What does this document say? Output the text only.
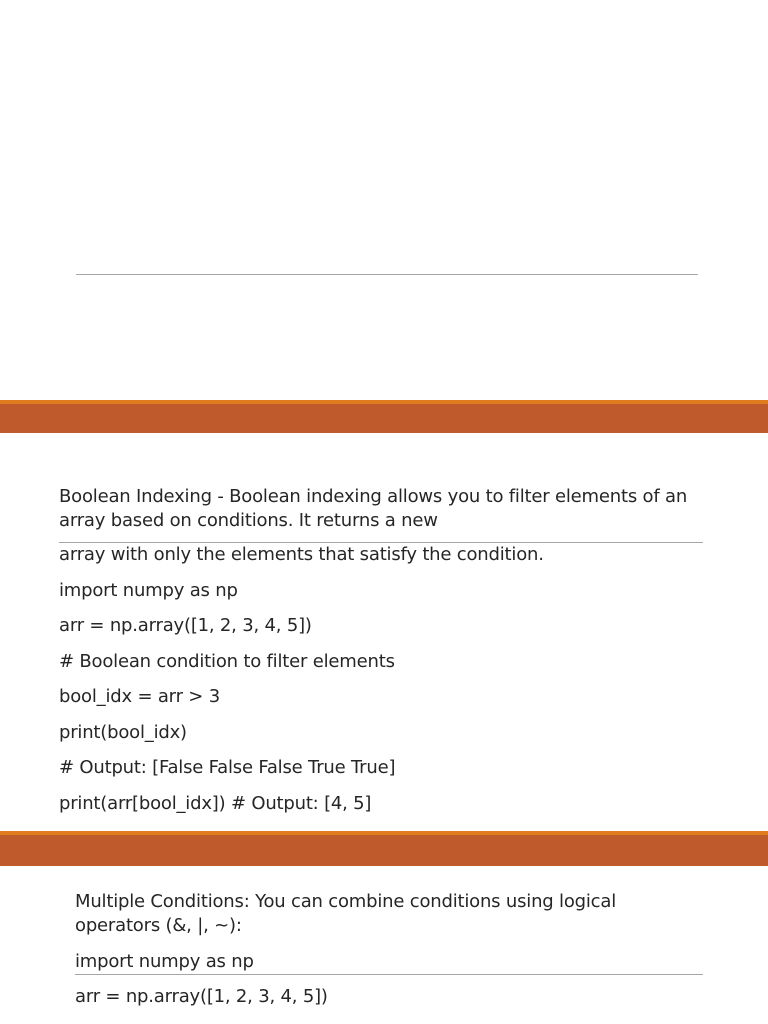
Boolean Indexing - Boolean indexing allows you to filter elements of an
array based on conditions. It returns a new
array with only the elements that satisfy the condition.
import numpy as np
arr = np.array([1, 2, 3, 4, 5])
# Boolean condition to filter elements
bool_idx = arr > 3
print(bool_idx)
# Output: [False False False True True]
print(arr[bool_idx]) # Output: [4, 5]
Multiple Conditions: You can combine conditions using logical
operators (&, |, ~):
import numpy as np
arr = np.array([1, 2, 3, 4, 5])
